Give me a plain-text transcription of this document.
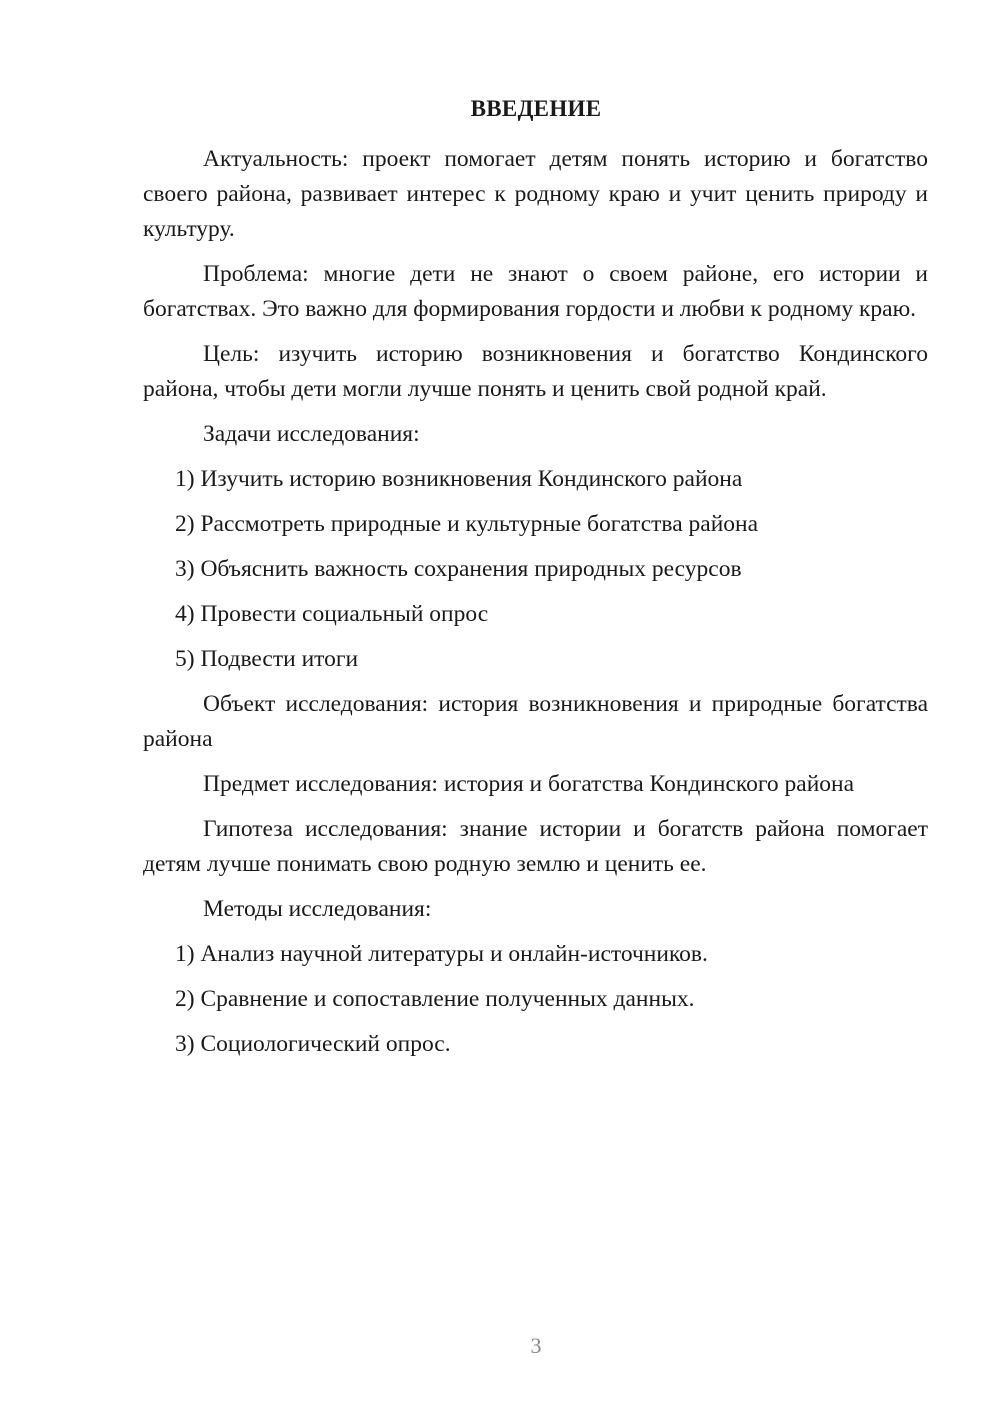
ВВЕДЕНИЕ

Актуальность: проект помогает детям понять историю и богатство своего района, развивает интерес к родному краю и учит ценить природу и культуру.

Проблема: многие дети не знают о своем районе, его истории и богатствах. Это важно для формирования гордости и любви к родному краю.

Цель: изучить историю возникновения и богатство Кондинского района, чтобы дети могли лучше понять и ценить свой родной край.

Задачи исследования:

1) Изучить историю возникновения Кондинского района

2) Рассмотреть природные и культурные богатства района

3) Объяснить важность сохранения природных ресурсов

4) Провести социальный опрос

5) Подвести итоги

Объект исследования: история возникновения и природные богатства района

Предмет исследования: история и богатства Кондинского района

Гипотеза исследования: знание истории и богатств района помогает детям лучше понимать свою родную землю и ценить ее.

Методы исследования:

1) Анализ научной литературы и онлайн-источников.

2) Сравнение и сопоставление полученных данных.

3) Социологический опрос.

3
